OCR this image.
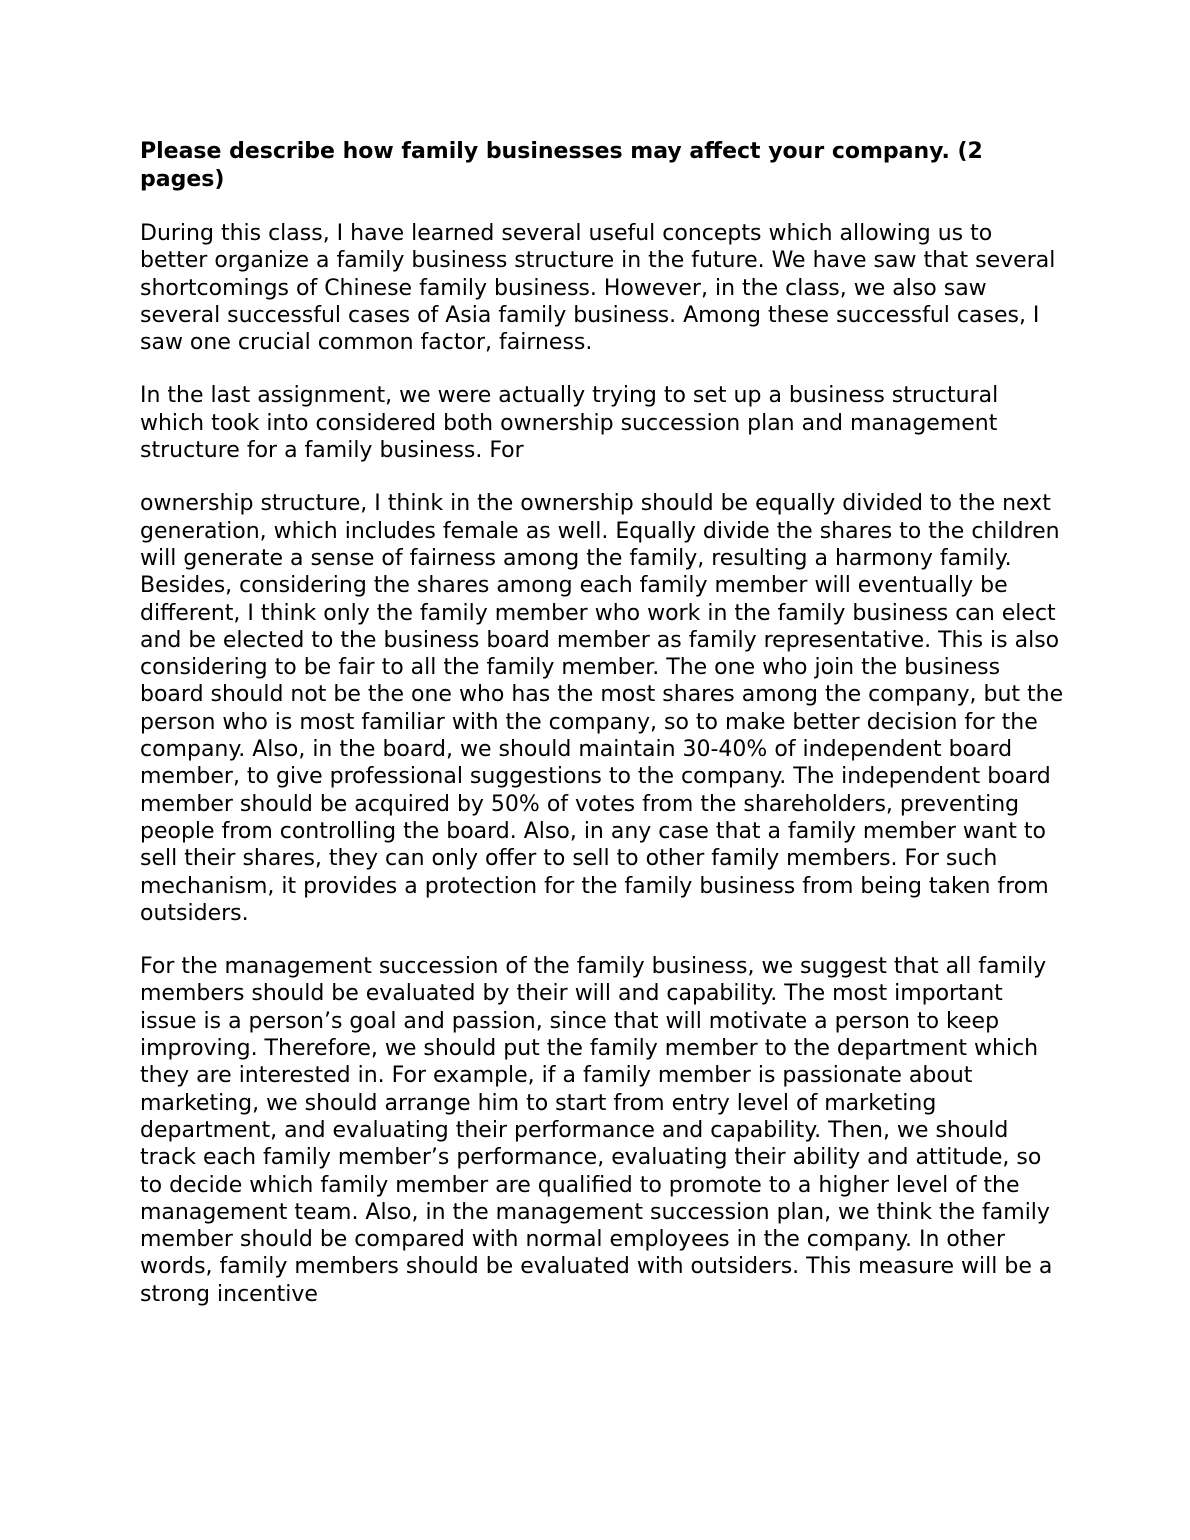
Please describe how family businesses may affect your company. (2 pages)

During this class, I have learned several useful concepts which allowing us to better organize a family business structure in the future. We have saw that several shortcomings of Chinese family business. However, in the class, we also saw several successful cases of Asia family business. Among these successful cases, I saw one crucial common factor, fairness.

In the last assignment, we were actually trying to set up a business structural which took into considered both ownership succession plan and management structure for a family business. For

ownership structure, I think in the ownership should be equally divided to the next generation, which includes female as well. Equally divide the shares to the children will generate a sense of fairness among the family, resulting a harmony family. Besides, considering the shares among each family member will eventually be different, I think only the family member who work in the family business can elect and be elected to the business board member as family representative. This is also considering to be fair to all the family member. The one who join the business board should not be the one who has the most shares among the company, but the person who is most familiar with the company, so to make better decision for the company. Also, in the board, we should maintain 30-40% of independent board member, to give professional suggestions to the company. The independent board member should be acquired by 50% of votes from the shareholders, preventing people from controlling the board. Also, in any case that a family member want to sell their shares, they can only offer to sell to other family members. For such mechanism, it provides a protection for the family business from being taken from outsiders.

For the management succession of the family business, we suggest that all family members should be evaluated by their will and capability. The most important issue is a person’s goal and passion, since that will motivate a person to keep improving. Therefore, we should put the family member to the department which they are interested in. For example, if a family member is passionate about marketing, we should arrange him to start from entry level of marketing department, and evaluating their performance and capability. Then, we should track each family member’s performance, evaluating their ability and attitude, so to decide which family member are qualified to promote to a higher level of the management team. Also, in the management succession plan, we think the family member should be compared with normal employees in the company. In other words, family members should be evaluated with outsiders. This measure will be a strong incentive
